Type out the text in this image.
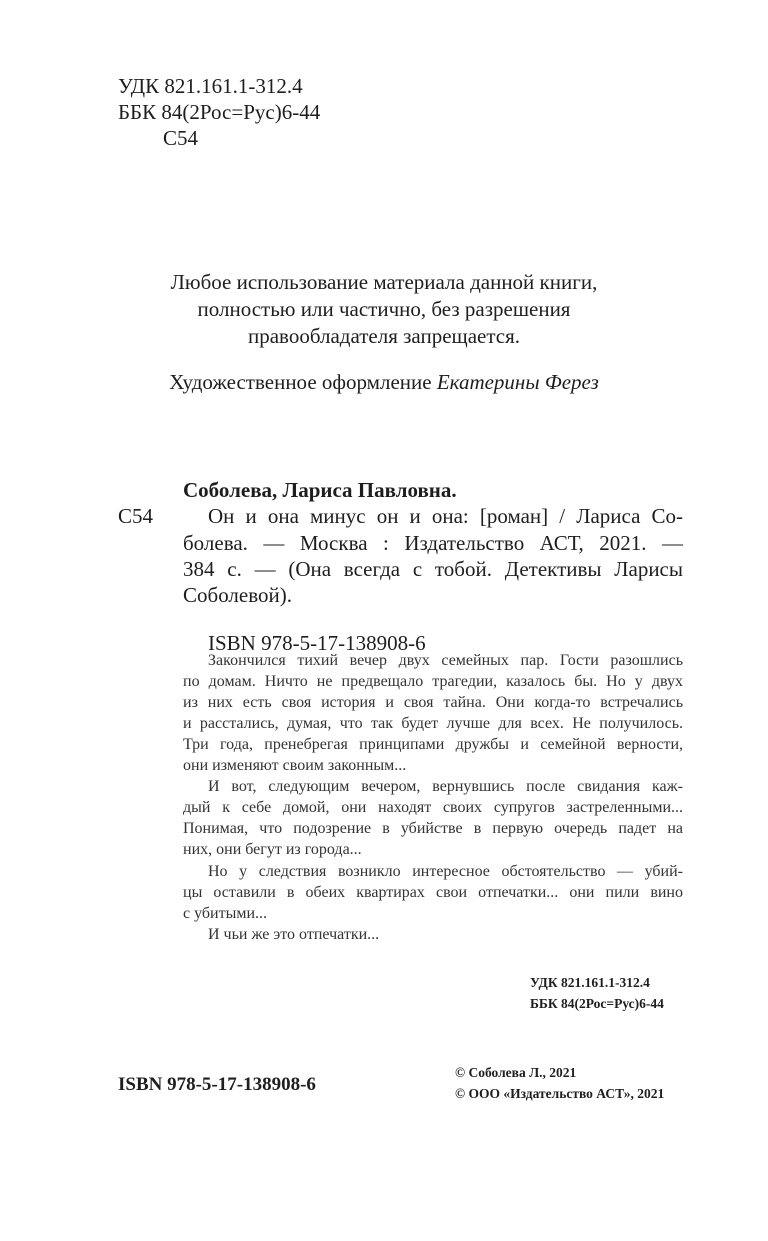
УДК 821.161.1-312.4
ББК 84(2Рос=Рус)6-44
С54
Любое использование материала данной книги,
полностью или частично, без разрешения
правообладателя запрещается.
Художественное оформление Екатерины Ферез
Соболева, Лариса Павловна.
С54	Он и она минус он и она: [роман] / Лариса Со-
болева. — Москва : Издательство АСТ, 2021. —
384 с. — (Она всегда с тобой. Детективы Ларисы
Соболевой).
ISBN 978-5-17-138908-6
Закончился тихий вечер двух семейных пар. Гости разошлись
по домам. Ничто не предвещало трагедии, казалось бы. Но у двух
из них есть своя история и своя тайна. Они когда-то встречались
и расстались, думая, что так будет лучше для всех. Не получилось.
Три года, пренебрегая принципами дружбы и семейной верности,
они изменяют своим законным...
И вот, следующим вечером, вернувшись после свидания каж-
дый к себе домой, они находят своих супругов застреленными...
Понимая, что подозрение в убийстве в первую очередь падет на
них, они бегут из города...
Но у следствия возникло интересное обстоятельство — убий-
цы оставили в обеих квартирах свои отпечатки... они пили вино
с убитыми...
И чьи же это отпечатки...
УДК 821.161.1-312.4
ББК 84(2Рос=Рус)6-44
ISBN 978-5-17-138908-6
© Соболева Л., 2021
© ООО «Издательство АСТ», 2021
